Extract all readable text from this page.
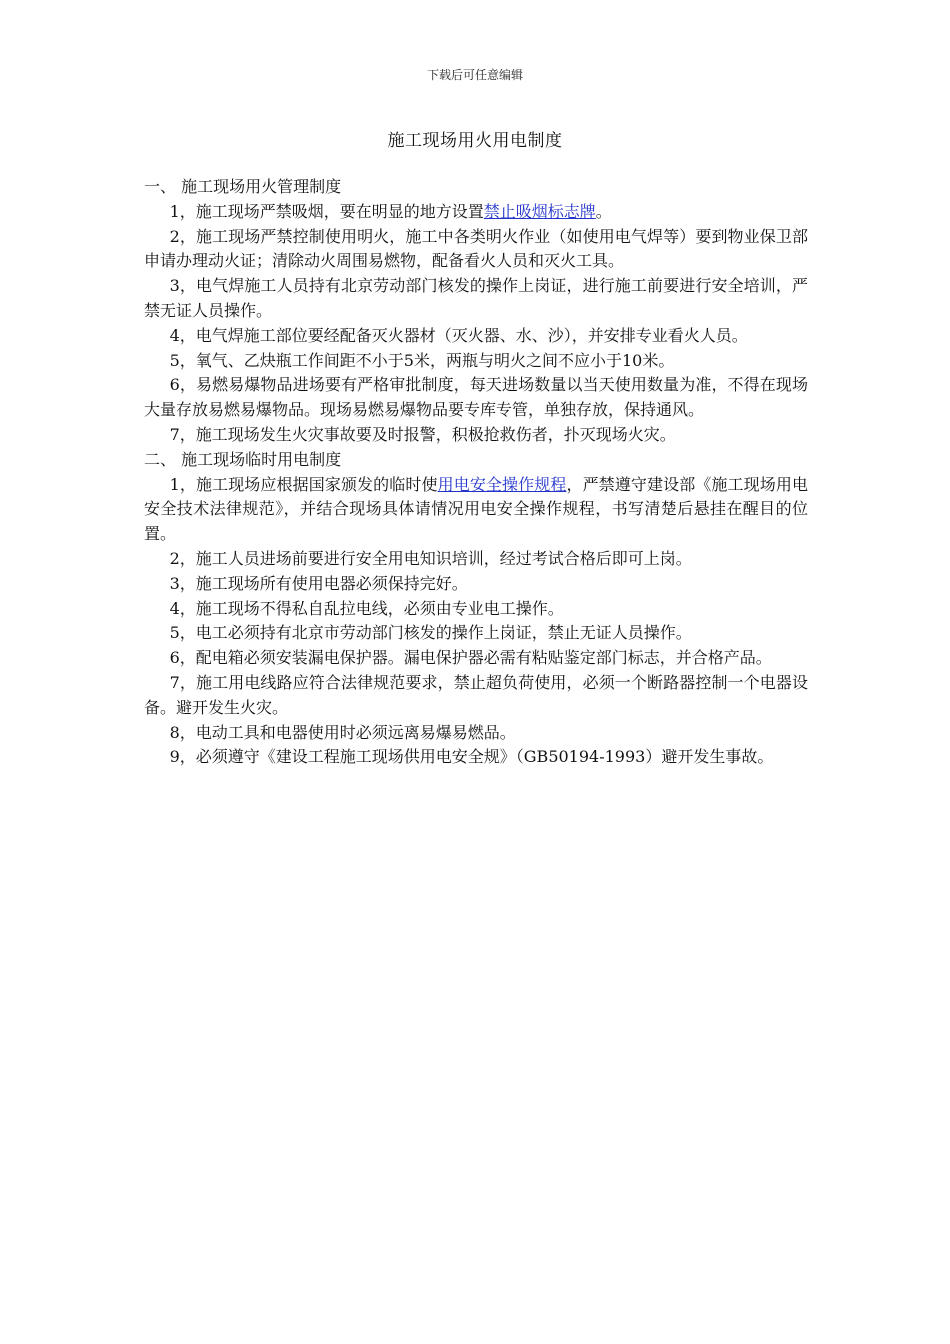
下载后可任意编辑
施工现场用火用电制度

一、 施工现场用火管理制度

1，施工现场严禁吸烟，要在明显的地方设置禁止吸烟标志牌。

2，施工现场严禁控制使用明火，施工中各类明火作业（如使用电气焊等）要到物业保卫部申请办理动火证；清除动火周围易燃物，配备看火人员和灭火工具。

3，电气焊施工人员持有北京劳动部门核发的操作上岗证，进行施工前要进行安全培训，严禁无证人员操作。

4，电气焊施工部位要经配备灭火器材（灭火器、水、沙），并安排专业看火人员。

5，氧气、乙炔瓶工作间距不小于5米，两瓶与明火之间不应小于10米。

6，易燃易爆物品进场要有严格审批制度，每天进场数量以当天使用数量为准，不得在现场大量存放易燃易爆物品。现场易燃易爆物品要专库专管，单独存放，保持通风。

7，施工现场发生火灾事故要及时报警，积极抢救伤者，扑灭现场火灾。

二、 施工现场临时用电制度

1，施工现场应根据国家颁发的临时使用电安全操作规程，严禁遵守建设部《施工现场用电安全技术法律规范》，并结合现场具体请情况用电安全操作规程，书写清楚后悬挂在醒目的位置。

2，施工人员进场前要进行安全用电知识培训，经过考试合格后即可上岗。

3，施工现场所有使用电器必须保持完好。

4，施工现场不得私自乱拉电线，必须由专业电工操作。

5，电工必须持有北京市劳动部门核发的操作上岗证，禁止无证人员操作。

6，配电箱必须安装漏电保护器。漏电保护器必需有粘贴鉴定部门标志，并合格产品。

7，施工用电线路应符合法律规范要求，禁止超负荷使用，必须一个断路器控制一个电器设备。避开发生火灾。

8，电动工具和电器使用时必须远离易爆易燃品。

9，必须遵守《建设工程施工现场供用电安全规》（GB50194-1993）避开发生事故。
